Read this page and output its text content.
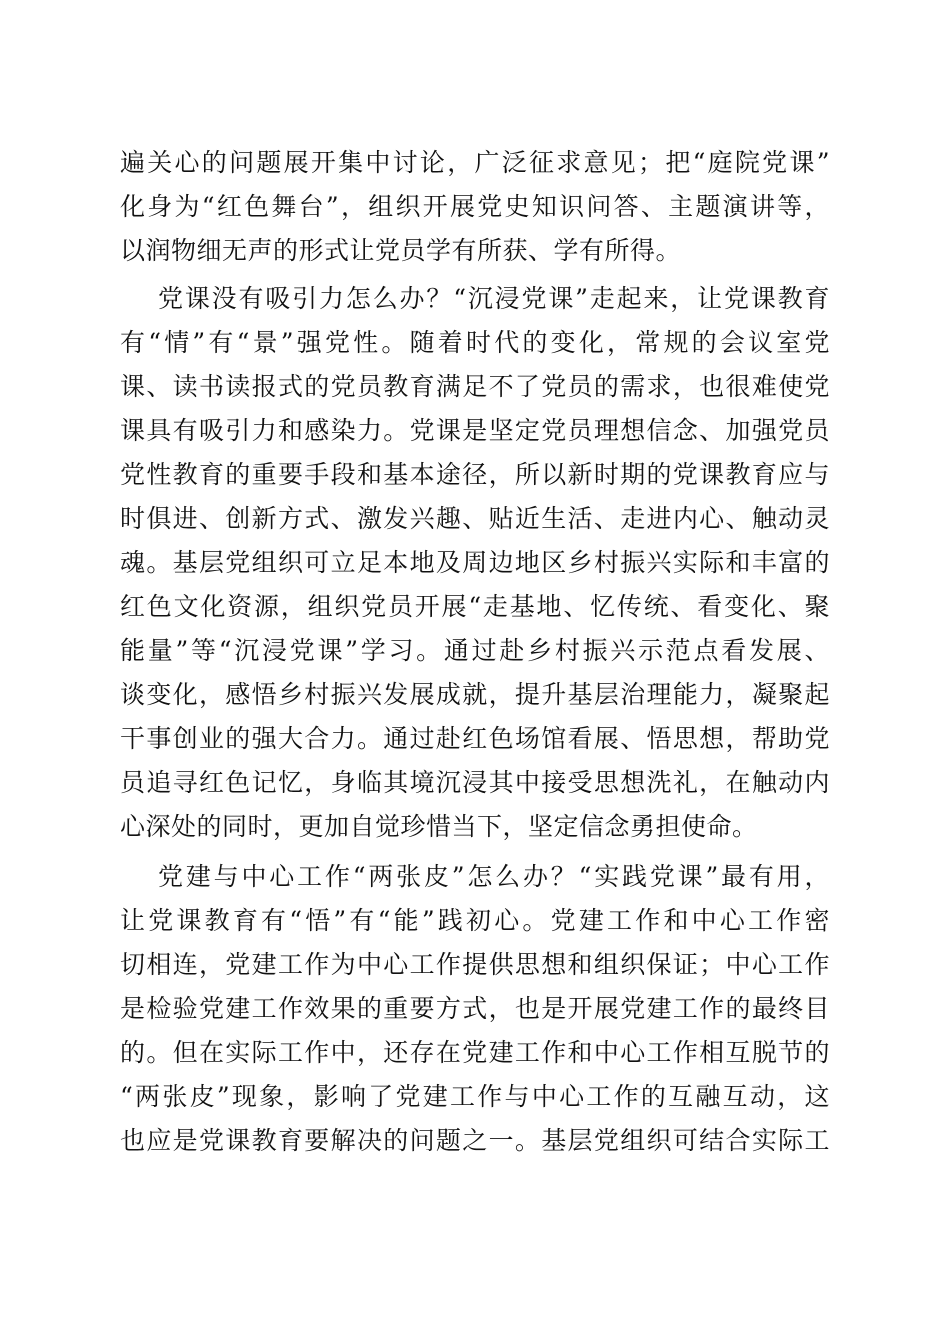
遍关心的问题展开集中讨论，广泛征求意见；把“庭院党课”
化身为“红色舞台”，组织开展党史知识问答、主题演讲等，
以润物细无声的形式让党员学有所获、学有所得。
党课没有吸引力怎么办？“沉浸党课”走起来，让党课教育
有“情”有“景”强党性。随着时代的变化，常规的会议室党
课、读书读报式的党员教育满足不了党员的需求，也很难使党
课具有吸引力和感染力。党课是坚定党员理想信念、加强党员
党性教育的重要手段和基本途径，所以新时期的党课教育应与
时俱进、创新方式、激发兴趣、贴近生活、走进内心、触动灵
魂。基层党组织可立足本地及周边地区乡村振兴实际和丰富的
红色文化资源，组织党员开展“走基地、忆传统、看变化、聚
能量”等“沉浸党课”学习。通过赴乡村振兴示范点看发展、
谈变化，感悟乡村振兴发展成就，提升基层治理能力，凝聚起
干事创业的强大合力。通过赴红色场馆看展、悟思想，帮助党
员追寻红色记忆，身临其境沉浸其中接受思想洗礼，在触动内
心深处的同时，更加自觉珍惜当下，坚定信念勇担使命。
党建与中心工作“两张皮”怎么办？“实践党课”最有用，
让党课教育有“悟”有“能”践初心。党建工作和中心工作密
切相连，党建工作为中心工作提供思想和组织保证；中心工作
是检验党建工作效果的重要方式，也是开展党建工作的最终目
的。但在实际工作中，还存在党建工作和中心工作相互脱节的
“两张皮”现象，影响了党建工作与中心工作的互融互动，这
也应是党课教育要解决的问题之一。基层党组织可结合实际工
